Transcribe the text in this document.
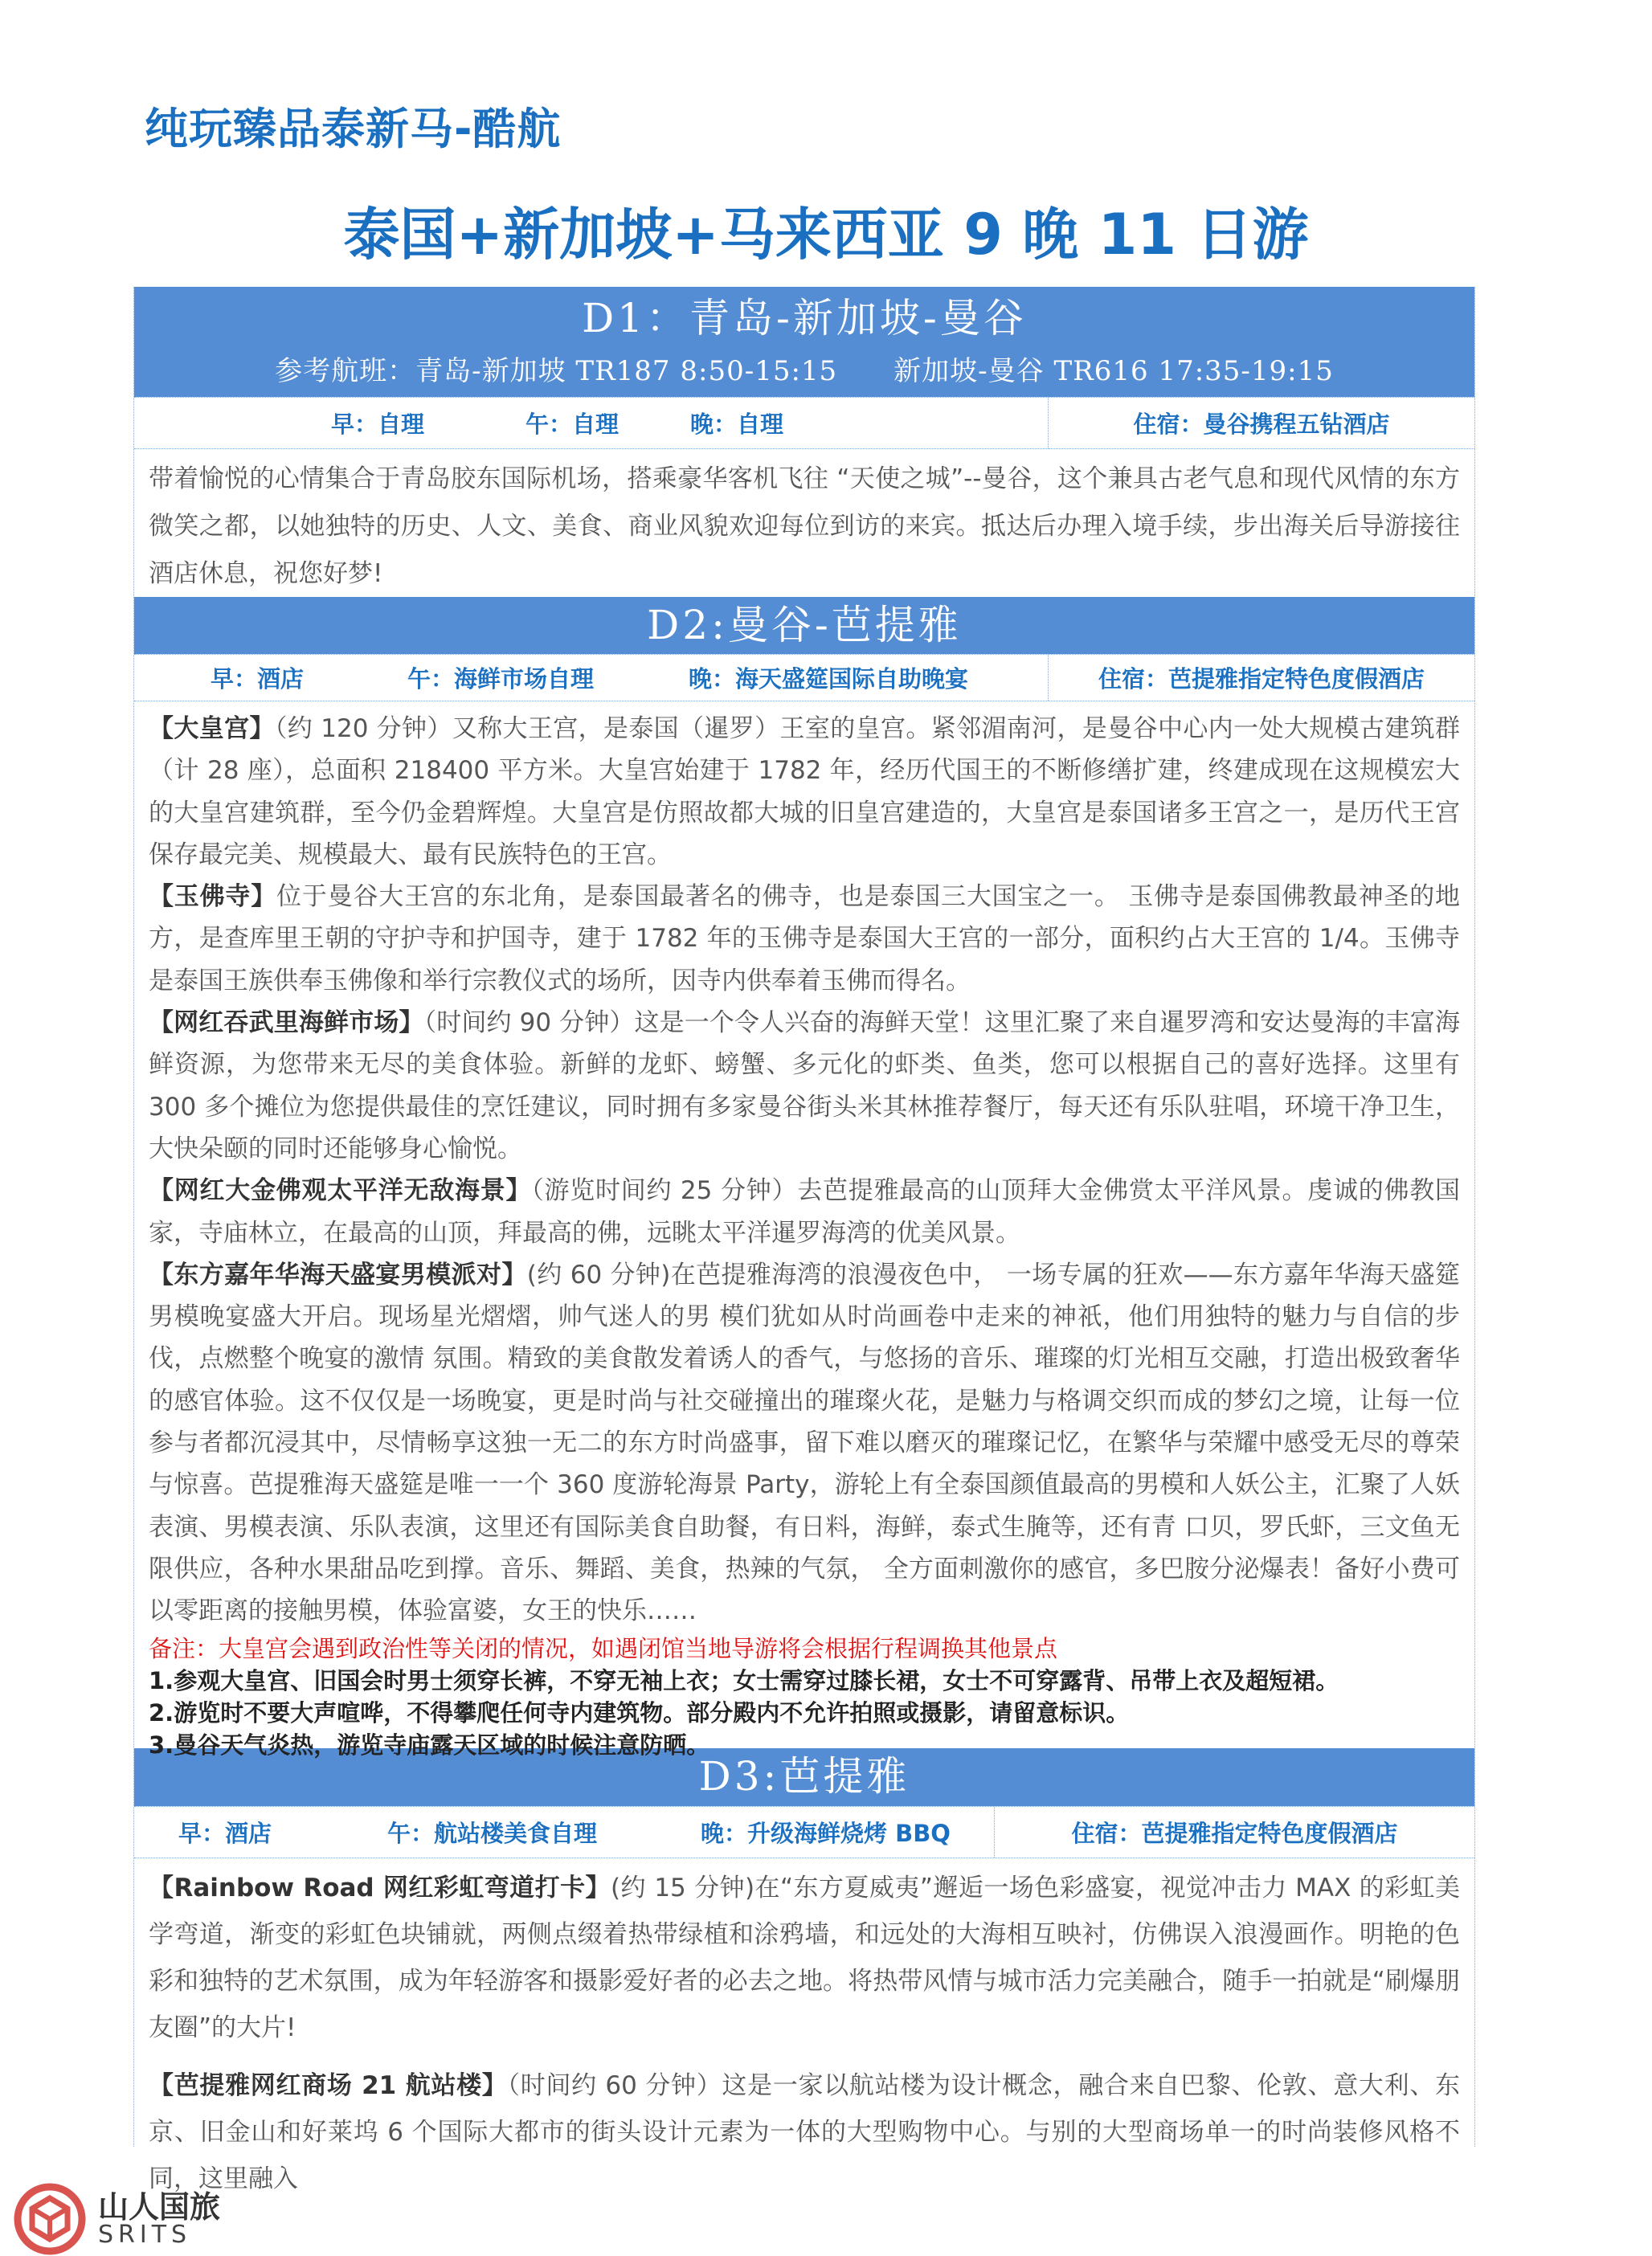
纯玩臻品泰新马-酷航
泰国+新加坡+马来西亚 9 晚 11 日游
D1：青岛-新加坡-曼谷
参考航班：青岛-新加坡 TR187 8:50-15:15　　新加坡-曼谷 TR616 17:35-19:15
早：自理	午：自理	晚：自理	住宿：曼谷携程五钻酒店

带着愉悦的心情集合于青岛胶东国际机场，搭乘豪华客机飞往 “天使之城”--曼谷，这个兼具古老气息和现代风情的东方微笑之都，以她独特的历史、人文、美食、商业风貌欢迎每位到访的来宾。抵达后办理入境手续，步出海关后导游接往酒店休息，祝您好梦!

D2:曼谷-芭提雅
早：酒店	午：海鲜市场自理	晚：海天盛筵国际自助晚宴	住宿：芭提雅指定特色度假酒店

【大皇宫】（约 120 分钟）又称大王宫，是泰国（暹罗）王室的皇宫。紧邻湄南河，是曼谷中心内一处大规模古建筑群（计 28 座），总面积 218400 平方米。大皇宫始建于 1782 年，经历代国王的不断修缮扩建，终建成现在这规模宏大的大皇宫建筑群，至今仍金碧辉煌。大皇宫是仿照故都大城的旧皇宫建造的，大皇宫是泰国诸多王宫之一，是历代王宫保存最完美、规模最大、最有民族特色的王宫。

【玉佛寺】位于曼谷大王宫的东北角，是泰国最著名的佛寺，也是泰国三大国宝之一。 玉佛寺是泰国佛教最神圣的地方，是查库里王朝的守护寺和护国寺，建于 1782 年的玉佛寺是泰国大王宫的一部分，面积约占大王宫的 1/4。玉佛寺是泰国王族供奉玉佛像和举行宗教仪式的场所，因寺内供奉着玉佛而得名。

【网红吞武里海鲜市场】（时间约 90 分钟）这是一个令人兴奋的海鲜天堂！这里汇聚了来自暹罗湾和安达曼海的丰富海鲜资源，为您带来无尽的美食体验。新鲜的龙虾、螃蟹、多元化的虾类、鱼类，您可以根据自己的喜好选择。这里有 300 多个摊位为您提供最佳的烹饪建议，同时拥有多家曼谷街头米其林推荐餐厅，每天还有乐队驻唱，环境干净卫生，大快朵颐的同时还能够身心愉悦。

【网红大金佛观太平洋无敌海景】（游览时间约 25 分钟）去芭提雅最高的山顶拜大金佛赏太平洋风景。虔诚的佛教国家，寺庙林立，在最高的山顶，拜最高的佛，远眺太平洋暹罗海湾的优美风景。

【东方嘉年华海天盛宴男模派对】(约 60 分钟)在芭提雅海湾的浪漫夜色中， 一场专属的狂欢——东方嘉年华海天盛筵男模晚宴盛大开启。现场星光熠熠，帅气迷人的男 模们犹如从时尚画卷中走来的神祇，他们用独特的魅力与自信的步伐，点燃整个晚宴的激情 氛围。精致的美食散发着诱人的香气，与悠扬的音乐、璀璨的灯光相互交融，打造出极致奢华的感官体验。这不仅仅是一场晚宴，更是时尚与社交碰撞出的璀璨火花，是魅力与格调交织而成的梦幻之境，让每一位参与者都沉浸其中，尽情畅享这独一无二的东方时尚盛事，留下难以磨灭的璀璨记忆，在繁华与荣耀中感受无尽的尊荣与惊喜。芭提雅海天盛筵是唯一一个 360 度游轮海景 Party，游轮上有全泰国颜值最高的男模和人妖公主，汇聚了人妖表演、男模表演、乐队表演，这里还有国际美食自助餐，有日料，海鲜，泰式生腌等，还有青 口贝，罗氏虾，三文鱼无限供应，各种水果甜品吃到撑。音乐、舞蹈、美食，热辣的气氛， 全方面刺激你的感官，多巴胺分泌爆表！备好小费可以零距离的接触男模，体验富婆，女王的快乐……

备注：大皇宫会遇到政治性等关闭的情况，如遇闭馆当地导游将会根据行程调换其他景点
1.参观大皇宫、旧国会时男士须穿长裤，不穿无袖上衣；女士需穿过膝长裙，女士不可穿露背、吊带上衣及超短裙。
2.游览时不要大声喧哗，不得攀爬任何寺内建筑物。部分殿内不允许拍照或摄影，请留意标识。
3.曼谷天气炎热，游览寺庙露天区域的时候注意防晒。
D3:芭提雅
早：酒店	午：航站楼美食自理	晚：升级海鲜烧烤 BBQ	住宿：芭提雅指定特色度假酒店

【Rainbow Road 网红彩虹弯道打卡】(约 15 分钟)在“东方夏威夷”邂逅一场色彩盛宴，视觉冲击力 MAX 的彩虹美学弯道，渐变的彩虹色块铺就，两侧点缀着热带绿植和涂鸦墙，和远处的大海相互映衬，仿佛误入浪漫画作。明艳的色彩和独特的艺术氛围，成为年轻游客和摄影爱好者的必去之地。将热带风情与城市活力完美融合，随手一拍就是“刷爆朋友圈”的大片!

【芭提雅网红商场 21 航站楼】（时间约 60 分钟）这是一家以航站楼为设计概念，融合来自巴黎、伦敦、意大利、东京、旧金山和好莱坞 6 个国际大都市的街头设计元素为一体的大型购物中心。与别的大型商场单一的时尚装修风格不同，这里融入

山人国旅
SRITS
